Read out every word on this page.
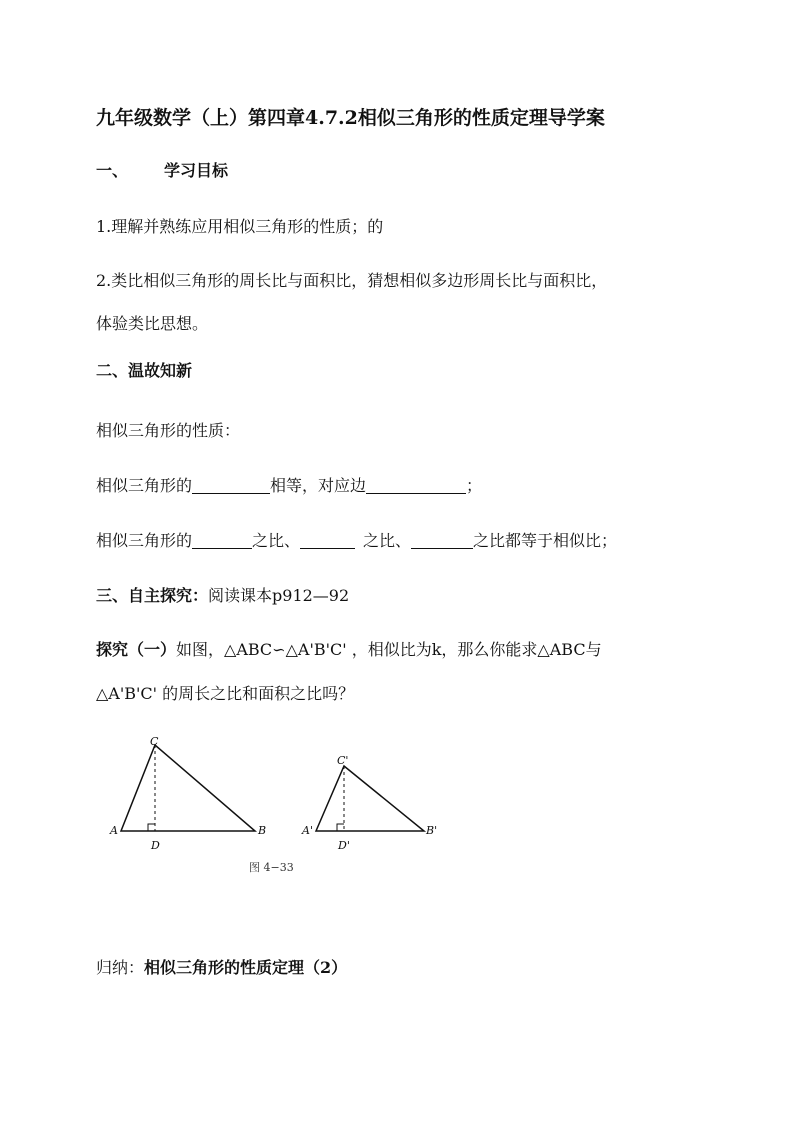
九年级数学（上）第四章4.7.2相似三角形的性质定理导学案
一、 学习目标
1.理解并熟练应用相似三角形的性质；的
2.类比相似三角形的周长比与面积比，猜想相似多边形周长比与面积比，
体验类比思想。
二、温故知新
相似三角形的性质：
相似三角形的	相等，对应边	；
相似三角形的	之比、	之比、	之比都等于相似比；
三、自主探究：阅读课本p912—92
探究（一）如图，△ABC∽△A'B'C' ，相似比为k，那么你能求△ABC与
△A'B'C' 的周长之比和面积之比吗？
C
A	B
D
C'
A'	B'
D'
图 4−33
归纳：相似三角形的性质定理（2）
